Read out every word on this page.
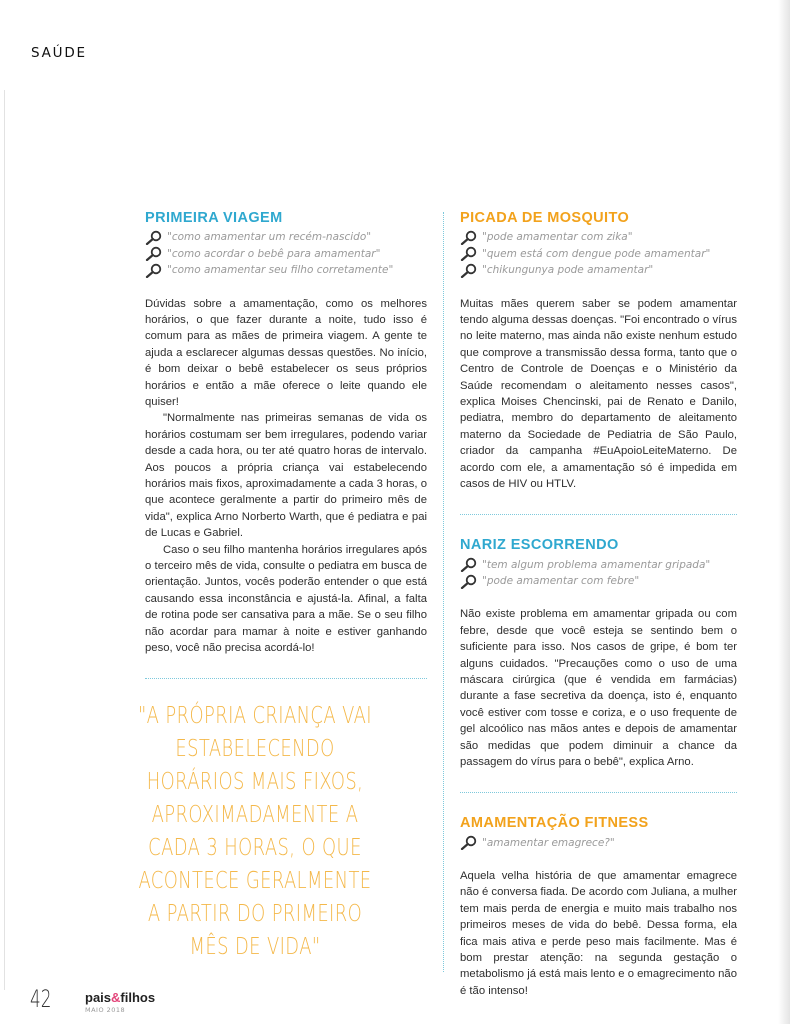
SAÚDE
PRIMEIRA VIAGEM
"como amamentar um recém-nascido"
"como acordar o bebê para amamentar"
"como amamentar seu filho corretamente"

Dúvidas sobre a amamentação, como os melhores horários, o que fazer durante a noite, tudo isso é comum para as mães de primeira viagem. A gente te ajuda a esclarecer algumas dessas questões. No início, é bom deixar o bebê estabelecer os seus próprios horários e então a mãe oferece o leite quando ele quiser!

"Normalmente nas primeiras semanas de vida os horários costumam ser bem irregulares, podendo variar desde a cada hora, ou ter até quatro horas de intervalo. Aos poucos a própria criança vai estabelecendo horários mais fixos, aproximadamente a cada 3 horas, o que acontece geralmente a partir do primeiro mês de vida", explica Arno Norberto Warth, que é pediatra e pai de Lucas e Gabriel.

Caso o seu filho mantenha horários irregulares após o terceiro mês de vida, consulte o pediatra em busca de orientação. Juntos, vocês poderão entender o que está causando essa inconstância e ajustá-la. Afinal, a falta de rotina pode ser cansativa para a mãe. Se o seu filho não acordar para mamar à noite e estiver ganhando peso, você não precisa acordá-lo!

"A PRÓPRIA CRIANÇA VAI ESTABELECENDO HORÁRIOS MAIS FIXOS, APROXIMADAMENTE A CADA 3 HORAS, O QUE ACONTECE GERALMENTE A PARTIR DO PRIMEIRO MÊS DE VIDA"
PICADA DE MOSQUITO
"pode amamentar com zika"
"quem está com dengue pode amamentar"
"chikungunya pode amamentar"

Muitas mães querem saber se podem amamentar tendo alguma dessas doenças. "Foi encontrado o vírus no leite materno, mas ainda não existe nenhum estudo que comprove a transmissão dessa forma, tanto que o Centro de Controle de Doenças e o Ministério da Saúde recomendam o aleitamento nesses casos", explica Moises Chencinski, pai de Renato e Danilo, pediatra, membro do departamento de aleitamento materno da Sociedade de Pediatria de São Paulo, criador da campanha #EuApoioLeiteMaterno. De acordo com ele, a amamentação só é impedida em casos de HIV ou HTLV.

NARIZ ESCORRENDO
"tem algum problema amamentar gripada"
"pode amamentar com febre"

Não existe problema em amamentar gripada ou com febre, desde que você esteja se sentindo bem o suficiente para isso. Nos casos de gripe, é bom ter alguns cuidados. "Precauções como o uso de uma máscara cirúrgica (que é vendida em farmácias) durante a fase secretiva da doença, isto é, enquanto você estiver com tosse e coriza, e o uso frequente de gel alcoólico nas mãos antes e depois de amamentar são medidas que podem diminuir a chance da passagem do vírus para o bebê", explica Arno.

AMAMENTAÇÃO FITNESS
"amamentar emagrece?"

Aquela velha história de que amamentar emagrece não é conversa fiada. De acordo com Juliana, a mulher tem mais perda de energia e muito mais trabalho nos primeiros meses de vida do bebê. Dessa forma, ela fica mais ativa e perde peso mais facilmente. Mas é bom prestar atenção: na segunda gestação o metabolismo já está mais lento e o emagrecimento não é tão intenso!

42	pais&filhos
MAIO 2018
